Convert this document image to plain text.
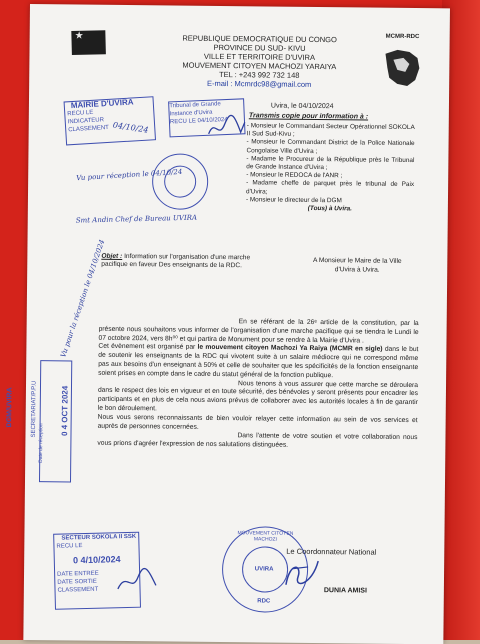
★	REPUBLIQUE DEMOCRATIQUE DU CONGO
PROVINCE DU SUD- KIVU
VILLE ET TERRITOIRE D'UVIRA
MOUVEMENT CITOYEN MACHOZI YARAIYA
TEL : +243 992 732 148
E-mail : Mcmrdc98@gmail.com
MCMR-RDC
MAIRIE D'UVIRA
RECU LE
INDICATEUR
CLASSEMENT 04/10/24
Tribunal de Grande
Instance d'Uvira
RECU LE 04/10/2024
Vu pour réception le 04/10/24
Smt Andin Chef de Bureau UVIRA
Uvira, le 04/10/2024
Transmis copie pour information à :
- Monsieur le Commandant Secteur Opérationnel SOKOLA II Sud Sud-Kivu ;
- Monsieur le Commandant District de la Police Nationale Congolaise Ville d'Uvira ;
- Madame le Procureur de la République près le Tribunal de Grande Instance d'Uvira ;
- Monsieur le REDOCA de l'ANR ;
- Madame cheffe de parquet près le tribunal de Paix d'Uvira;
- Monsieur le directeur de la DGM
(Tous) à Uvira.
Objet : Information sur l'organisation d'une marche pacifique en faveur Des enseignants de la RDC.
A Monsieur le Maire de la Ville
d'Uvira à Uvira.
Vu pour la réception le 04/10/2024
DGM/UVIRA	SECRETARIAT/P.P.U	0 4 OCT 2024
Date de réception

En se référant de la 26ᵉ article de la constitution, par la présente nous souhaitons vous informer de l'organisation d'une marche pacifique qui se tiendra le Lundi le 07 octobre 2024, vers 8h⁰⁰ et qui partira de Monument pour se rendre à la Mairie d'Uvira .

Cet évènement est organisé par le mouvement citoyen Machozi Ya Raiya (MCMR en sigle) dans le but de soutenir les enseignants de la RDC qui vivotent suite à un salaire médiocre qui ne correspond même pas aux besoins d'un enseignant à 50% et celle de souhaiter que les spécificités de la fonction enseignante soient prises en compte dans le cadre du statut général de la fonction publique.

Nous tenons à vous assurer que cette marche se déroulera dans le respect des lois en vigueur et en toute sécurité, des bénévoles y seront présents pour encadrer les participants et en plus de cela nous avions prévus de collaborer avec les autorités locales à fin de garantir le bon déroulement.

Nous vous serons reconnaissants de bien vouloir relayer cette information au sein de vos services et auprès de personnes concernées.

Dans l'attente de votre soutien et votre collaboration nous vous prions d'agréer l'expression de nos salutations distinguées.

SECTEUR SOKOLA II SSK
RECU LE
0 4/10/2024
DATE ENTREE
DATE SORTIE
CLASSEMENT
MOUVEMENT CITOYEN MACHOZI
UVIRA
RDC
Le Coordonnateur National
DUNIA AMISI
